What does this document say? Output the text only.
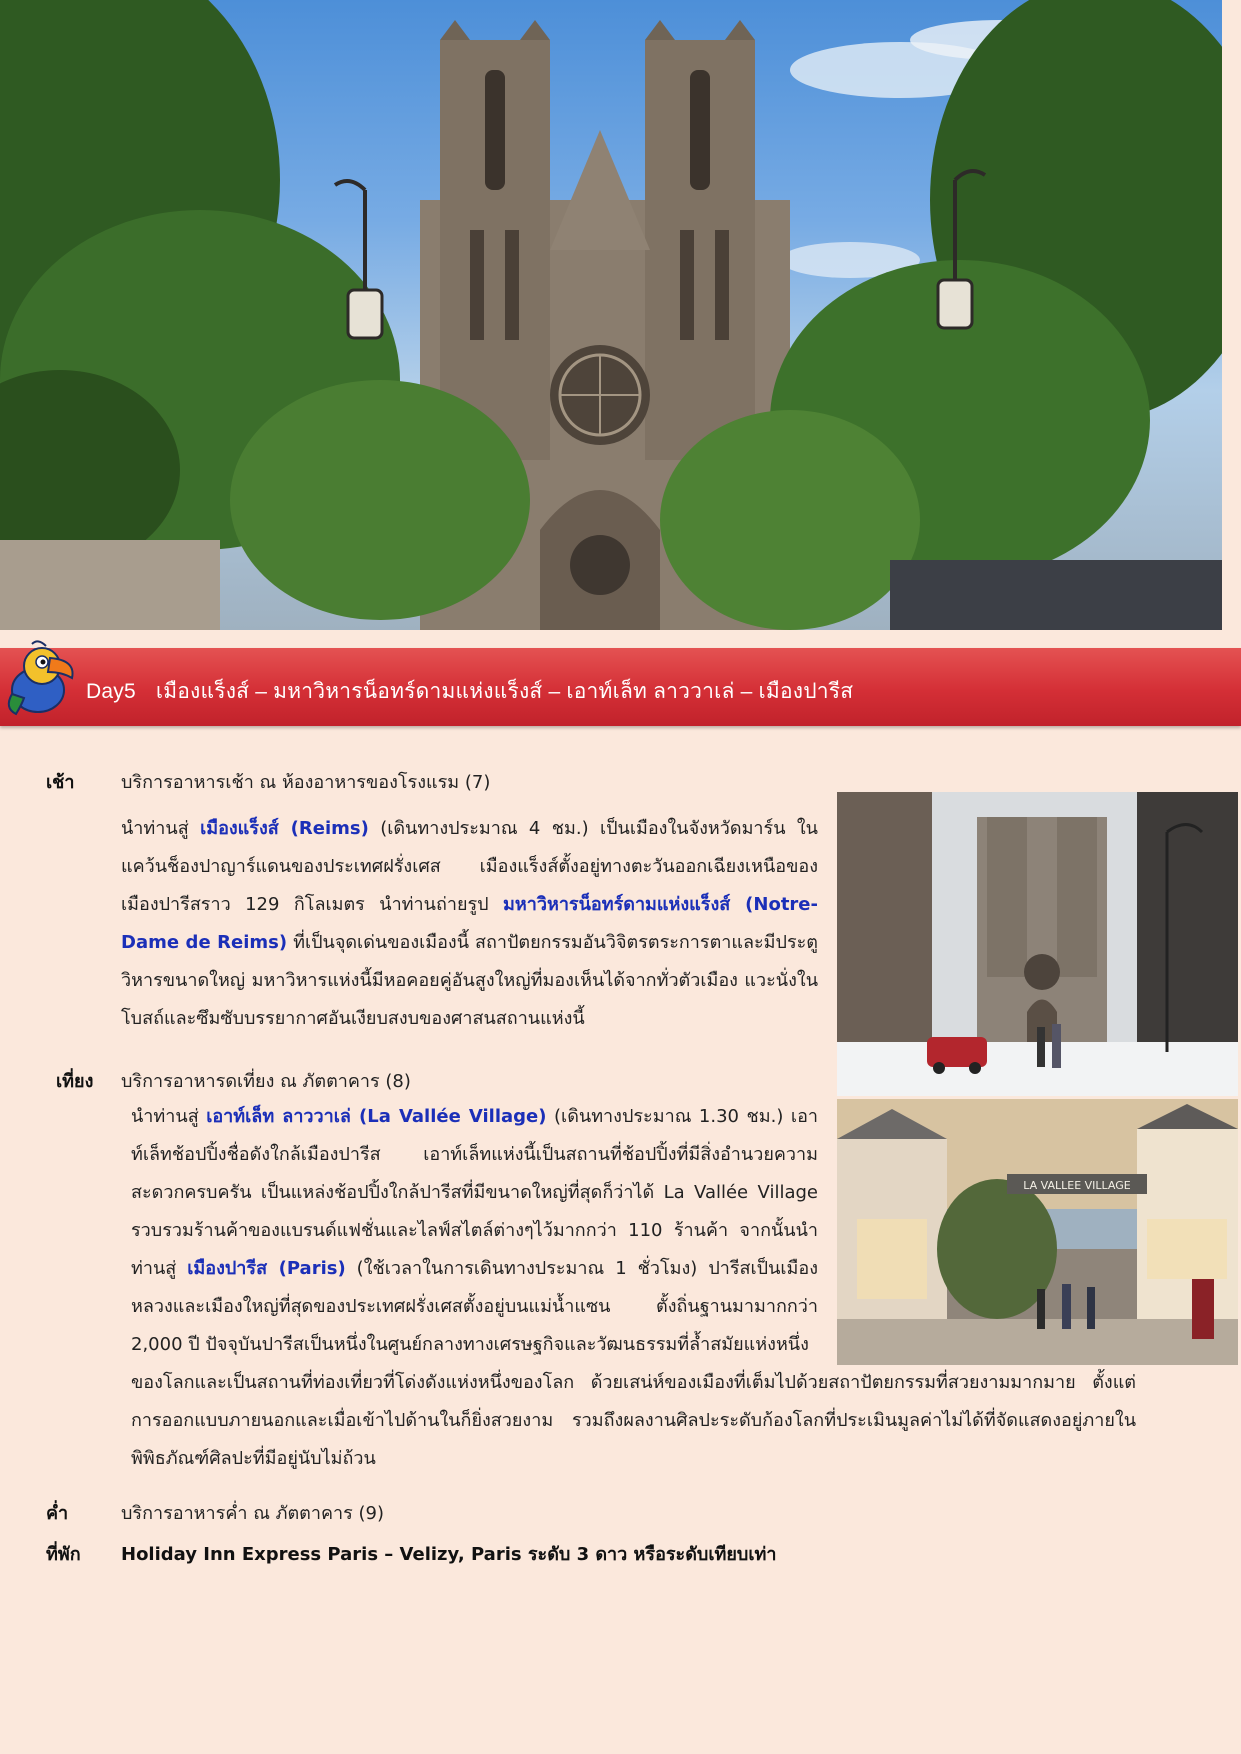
Day5 เมืองแร็งส์ – มหาวิหารน็อทร์ดามแห่งแร็งส์ – เอาท์เล็ท ลาววาเล่ – เมืองปารีส
เช้า	บริการอาหารเช้า ณ ห้องอาหารของโรงแรม (7)
นำท่านสู่ เมืองแร็งส์ (Reims) (เดินทางประมาณ 4 ชม.) เป็นเมืองในจังหวัดมาร์น ในแคว้นช็องปาญาร์แดนของประเทศฝรั่งเศส เมืองแร็งส์ตั้งอยู่ทางตะวันออกเฉียงเหนือของเมืองปารีสราว 129 กิโลเมตร นำท่านถ่ายรูป มหาวิหารน็อทร์ดามแห่งแร็งส์ (Notre-Dame de Reims) ที่เป็นจุดเด่นของเมืองนี้ สถาปัตยกรรมอันวิจิตรตระการตาและมีประตูวิหารขนาดใหญ่ มหาวิหารแห่งนี้มีหอคอยคู่อันสูงใหญ่ที่มองเห็นได้จากทั่วตัวเมือง แวะนั่งในโบสถ์และซึมซับบรรยากาศอันเงียบสงบของศาสนสถานแห่งนี้
เที่ยง บริการอาหารดเที่ยง ณ ภัตตาคาร (8)
นำท่านสู่ เอาท์เล็ท ลาววาเล่ (La Vallée Village) (เดินทางประมาณ 1.30 ชม.) เอาท์เล็ทช้อปปิ้งชื่อดังใกล้เมืองปารีส เอาท์เล็ทแห่งนี้เป็นสถานที่ช้อปปิ้งที่มีสิ่งอำนวยความสะดวกครบครัน เป็นแหล่งช้อปปิ้งใกล้ปารีสที่มีขนาดใหญ่ที่สุดก็ว่าได้ La Vallée Village รวบรวมร้านค้าของแบรนด์แฟชั่นและไลฟ์สไตล์ต่างๆไว้มากกว่า 110 ร้านค้า จากนั้นนำท่านสู่ เมืองปารีส (Paris) (ใช้เวลาในการเดินทางประมาณ 1 ชั่วโมง) ปารีสเป็นเมืองหลวงและเมืองใหญ่ที่สุดของประเทศฝรั่งเศสตั้งอยู่บนแม่น้ำแซน ตั้งถิ่นฐานมามากกว่า 2,000 ปี ปัจจุบันปารีสเป็นหนึ่งในศูนย์กลางทางเศรษฐกิจและวัฒนธรรมที่ล้ำสมัยแห่งหนึ่ง
LA VALLEE VILLAGE
ของโลกและเป็นสถานที่ท่องเที่ยวที่โด่งดังแห่งหนึ่งของโลก ด้วยเสน่ห์ของเมืองที่เต็มไปด้วยสถาปัตยกรรมที่สวยงามมากมาย ตั้งแต่การออกแบบภายนอกและเมื่อเข้าไปด้านในก็ยิ่งสวยงาม รวมถึงผลงานศิลปะระดับก้องโลกที่ประเมินมูลค่าไม่ได้ที่จัดแสดงอยู่ภายในพิพิธภัณฑ์ศิลปะที่มีอยู่นับไม่ถ้วน
ค่ำ	บริการอาหารค่ำ ณ ภัตตาคาร (9)
ที่พัก Holiday Inn Express Paris – Velizy, Paris ระดับ 3 ดาว หรือระดับเทียบเท่า
